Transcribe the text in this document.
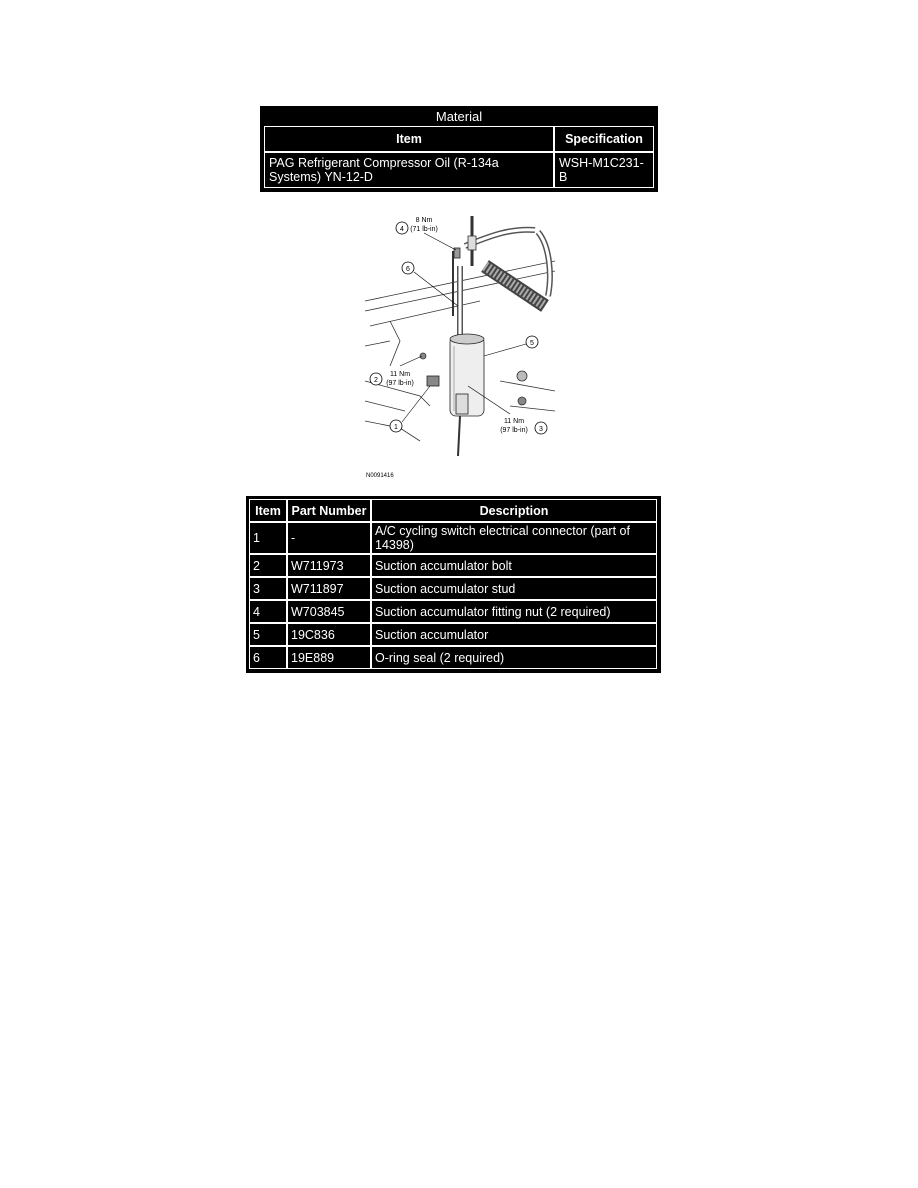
Material
Item	Specification
PAG Refrigerant Compressor Oil (R-134a Systems) YN-12-D	WSH-M1C231-B
4
8 Nm
(71 lb-in)
6
5
2
11 Nm
(97 lb-in)
1	3
11 Nm
(97 lb-in)
N0091416
Item	Part Number	Description
1	-	A/C cycling switch electrical connector (part of 14398)
2	W711973	Suction accumulator bolt
3	W711897	Suction accumulator stud
4	W703845	Suction accumulator fitting nut (2 required)
5	19C836	Suction accumulator
6	19E889	O-ring seal (2 required)
